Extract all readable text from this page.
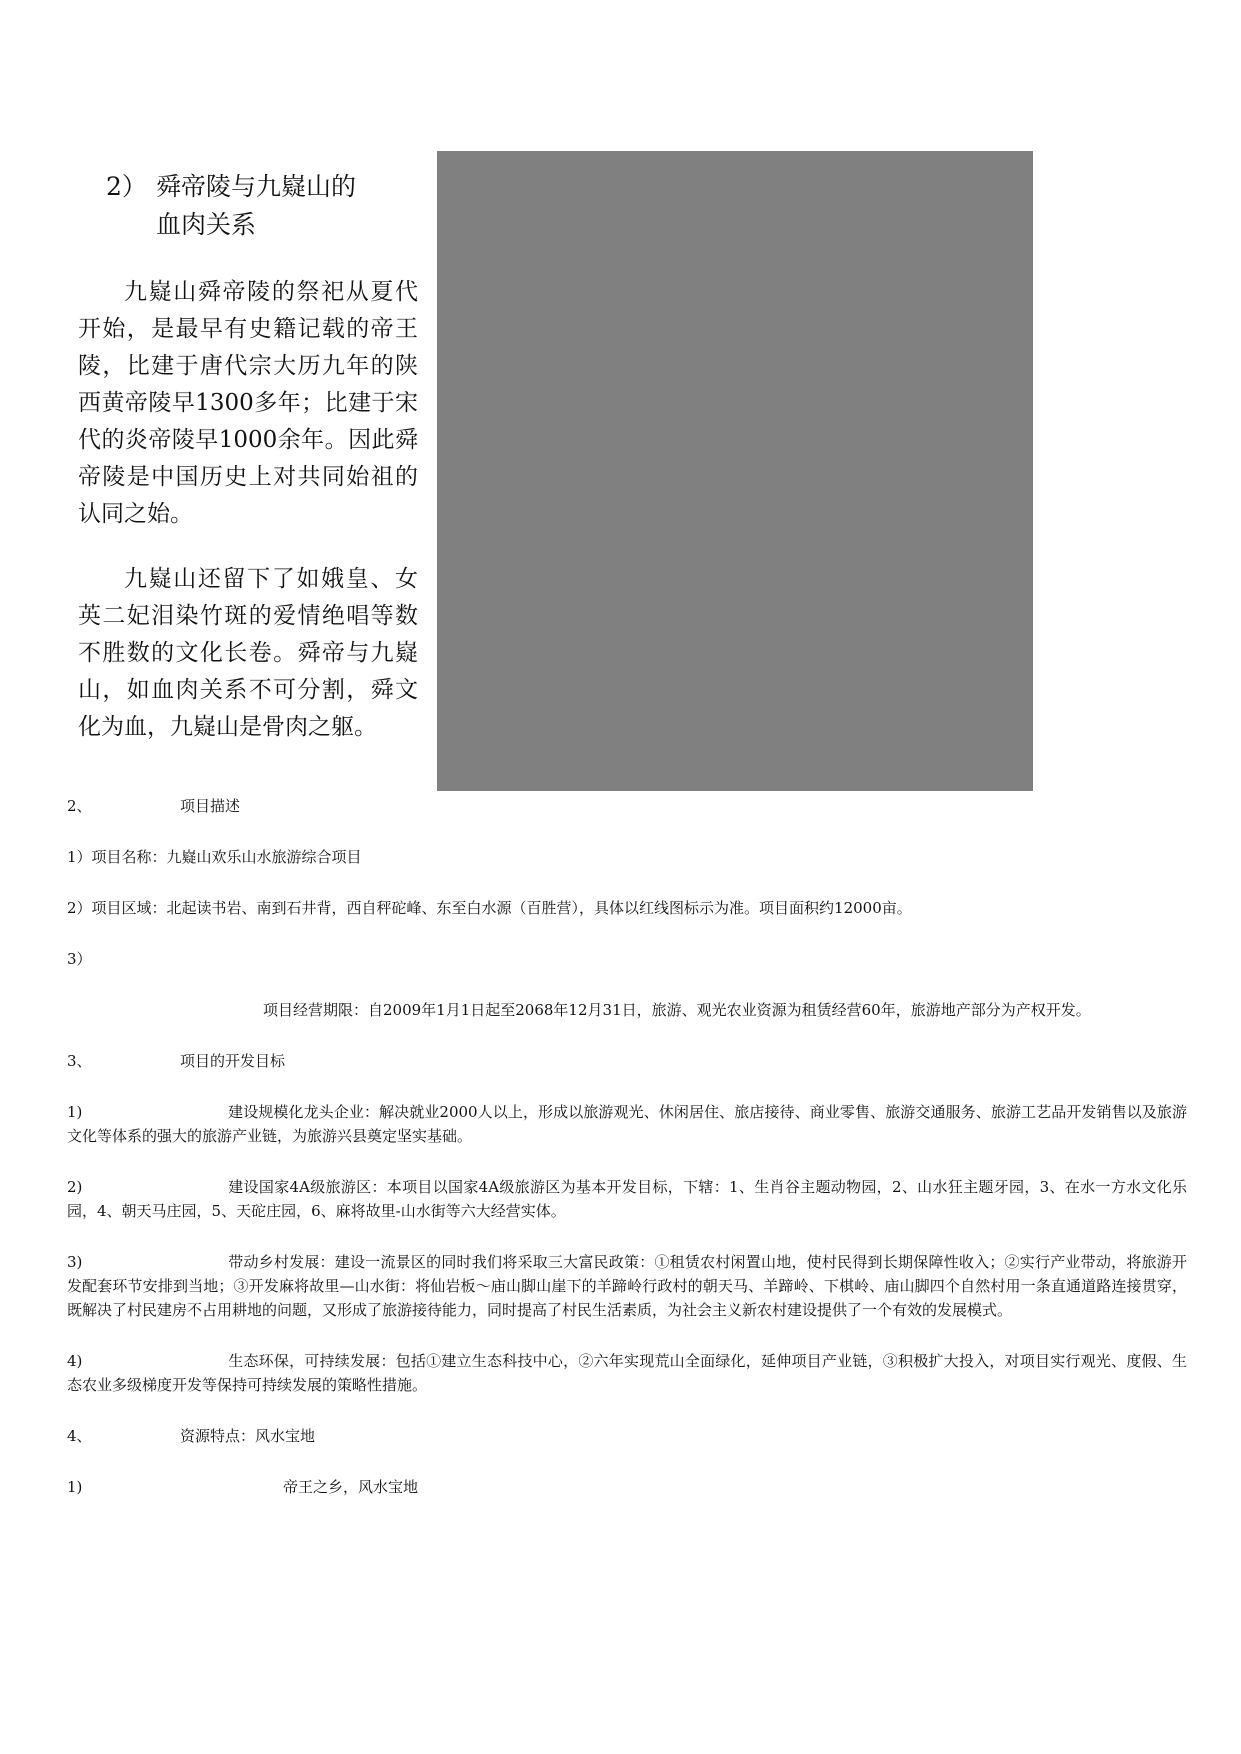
2） 舜帝陵与九嶷山的
血肉关系

九嶷山舜帝陵的祭祀从夏代开始，是最早有史籍记载的帝王陵，比建于唐代宗大历九年的陕西黄帝陵早1300多年；比建于宋代的炎帝陵早1000余年。因此舜帝陵是中国历史上对共同始祖的认同之始。

九嶷山还留下了如娥皇、女英二妃泪染竹斑的爱情绝唱等数不胜数的文化长卷。舜帝与九嶷山，如血肉关系不可分割，舜文化为血，九嶷山是骨肉之躯。

2、	项目描述
1）项目名称：九嶷山欢乐山水旅游综合项目
2）项目区域：北起读书岩、南到石井背，西自秤砣峰、东至白水源（百胜营），具体以红线图标示为准。项目面积约12000亩。
3）
项目经营期限：自2009年1月1日起至2068年12月31日，旅游、观光农业资源为租赁经营60年，旅游地产部分为产权开发。
3、	项目的开发目标
1)	建设规模化龙头企业：解决就业2000人以上，形成以旅游观光、休闲居住、旅店接待、商业零售、旅游交通服务、旅游工艺品开发销售以及旅游文化等体系的强大的旅游产业链，为旅游兴县奠定坚实基础。
2)	建设国家4A级旅游区：本项目以国家4A级旅游区为基本开发目标，下辖：1、生肖谷主题动物园，2、山水狂主题牙园，3、在水一方水文化乐园，4、朝天马庄园，5、天砣庄园，6、麻将故里-山水街等六大经营实体。
3)	带动乡村发展：建设一流景区的同时我们将采取三大富民政策：①租赁农村闲置山地，使村民得到长期保障性收入；②实行产业带动，将旅游开发配套环节安排到当地；③开发麻将故里—山水街：将仙岩板～庙山脚山崖下的羊蹄岭行政村的朝天马、羊蹄岭、下棋岭、庙山脚四个自然村用一条直通道路连接贯穿，既解决了村民建房不占用耕地的问题，又形成了旅游接待能力，同时提高了村民生活素质，为社会主义新农村建设提供了一个有效的发展模式。
4)	生态环保，可持续发展：包括①建立生态科技中心，②六年实现荒山全面绿化，延伸项目产业链，③积极扩大投入，对项目实行观光、度假、生态农业多级梯度开发等保持可持续发展的策略性措施。
4、	资源特点：风水宝地
1)	帝王之乡，风水宝地
